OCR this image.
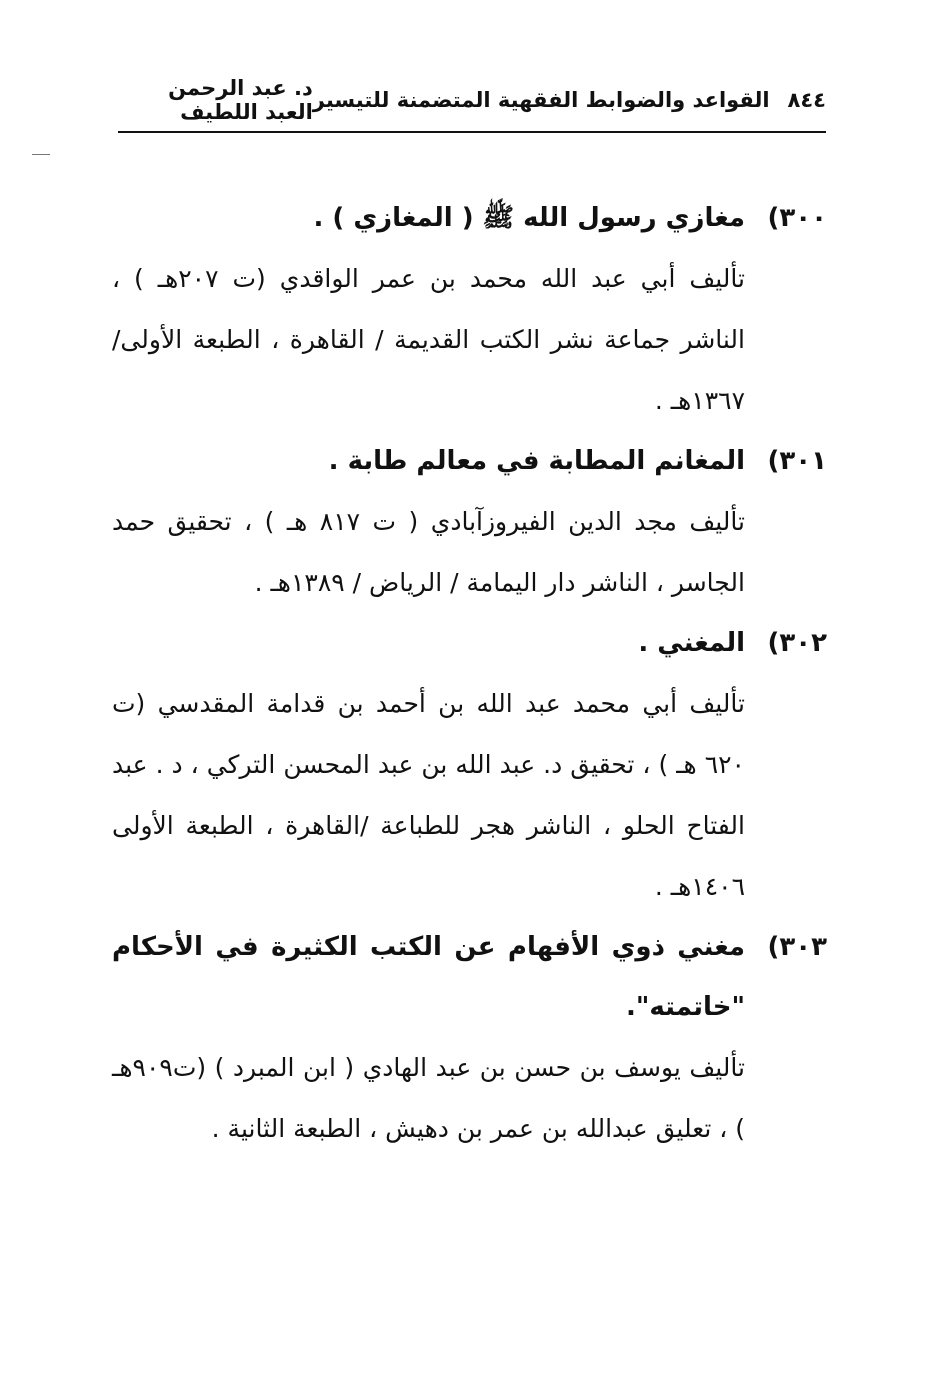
٨٤٤
القواعد والضوابط الفقهية المتضمنة للتيسير
د. عبد الرحمن العبد اللطيف
٣٠٠)
مغازي رسول الله ﷺ ( المغازي ) .
تأليف أبي عبد الله محمد بن عمر الواقدي (ت ٢٠٧هـ ) ، الناشر جماعة نشر الكتب القديمة / القاهرة ، الطبعة الأولى/ ١٣٦٧هـ .
٣٠١)
المغانم المطابة في معالم طابة .
تأليف مجد الدين الفيروزآبادي ( ت ٨١٧ هـ ) ، تحقيق حمد الجاسر ، الناشر دار اليمامة / الرياض / ١٣٨٩هـ .
٣٠٢)
المغني .
تأليف أبي محمد عبد الله بن أحمد بن قدامة المقدسي (ت ٦٢٠ هـ ) ، تحقيق د. عبد الله بن عبد المحسن التركي ، د . عبد الفتاح الحلو ، الناشر هجر للطباعة /القاهرة ، الطبعة الأولى ١٤٠٦هـ .
٣٠٣)
مغني ذوي الأفهام عن الكتب الكثيرة في الأحكام "خاتمته".
تأليف يوسف بن حسن بن عبد الهادي ( ابن المبرد ) (ت٩٠٩هـ ) ، تعليق عبدالله بن عمر بن دهيش ، الطبعة الثانية .
